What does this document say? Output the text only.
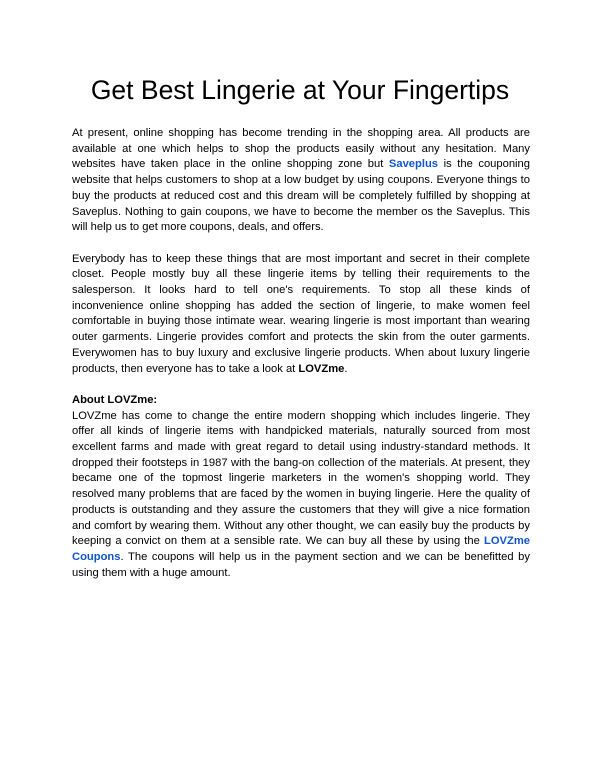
Get Best Lingerie at Your Fingertips

At present, online shopping has become trending in the shopping area. All products are available at one which helps to shop the products easily without any hesitation. Many websites have taken place in the online shopping zone but Saveplus is the couponing website that helps customers to shop at a low budget by using coupons. Everyone things to buy the products at reduced cost and this dream will be completely fulfilled by shopping at Saveplus. Nothing to gain coupons, we have to become the member os the Saveplus. This will help us to get more coupons, deals, and offers.

Everybody has to keep these things that are most important and secret in their complete closet. People mostly buy all these lingerie items by telling their requirements to the salesperson. It looks hard to tell one's requirements. To stop all these kinds of inconvenience online shopping has added the section of lingerie, to make women feel comfortable in buying those intimate wear. wearing lingerie is most important than wearing outer garments. Lingerie provides comfort and protects the skin from the outer garments. Everywomen has to buy luxury and exclusive lingerie products. When about luxury lingerie products, then everyone has to take a look at LOVZme.

About LOVZme:
LOVZme has come to change the entire modern shopping which includes lingerie. They offer all kinds of lingerie items with handpicked materials, naturally sourced from most excellent farms and made with great regard to detail using industry-standard methods. It dropped their footsteps in 1987 with the bang-on collection of the materials. At present, they became one of the topmost lingerie marketers in the women's shopping world. They resolved many problems that are faced by the women in buying lingerie. Here the quality of products is outstanding and they assure the customers that they will give a nice formation and comfort by wearing them. Without any other thought, we can easily buy the products by keeping a convict on them at a sensible rate. We can buy all these by using the LOVZme Coupons. The coupons will help us in the payment section and we can be benefitted by using them with a huge amount.
